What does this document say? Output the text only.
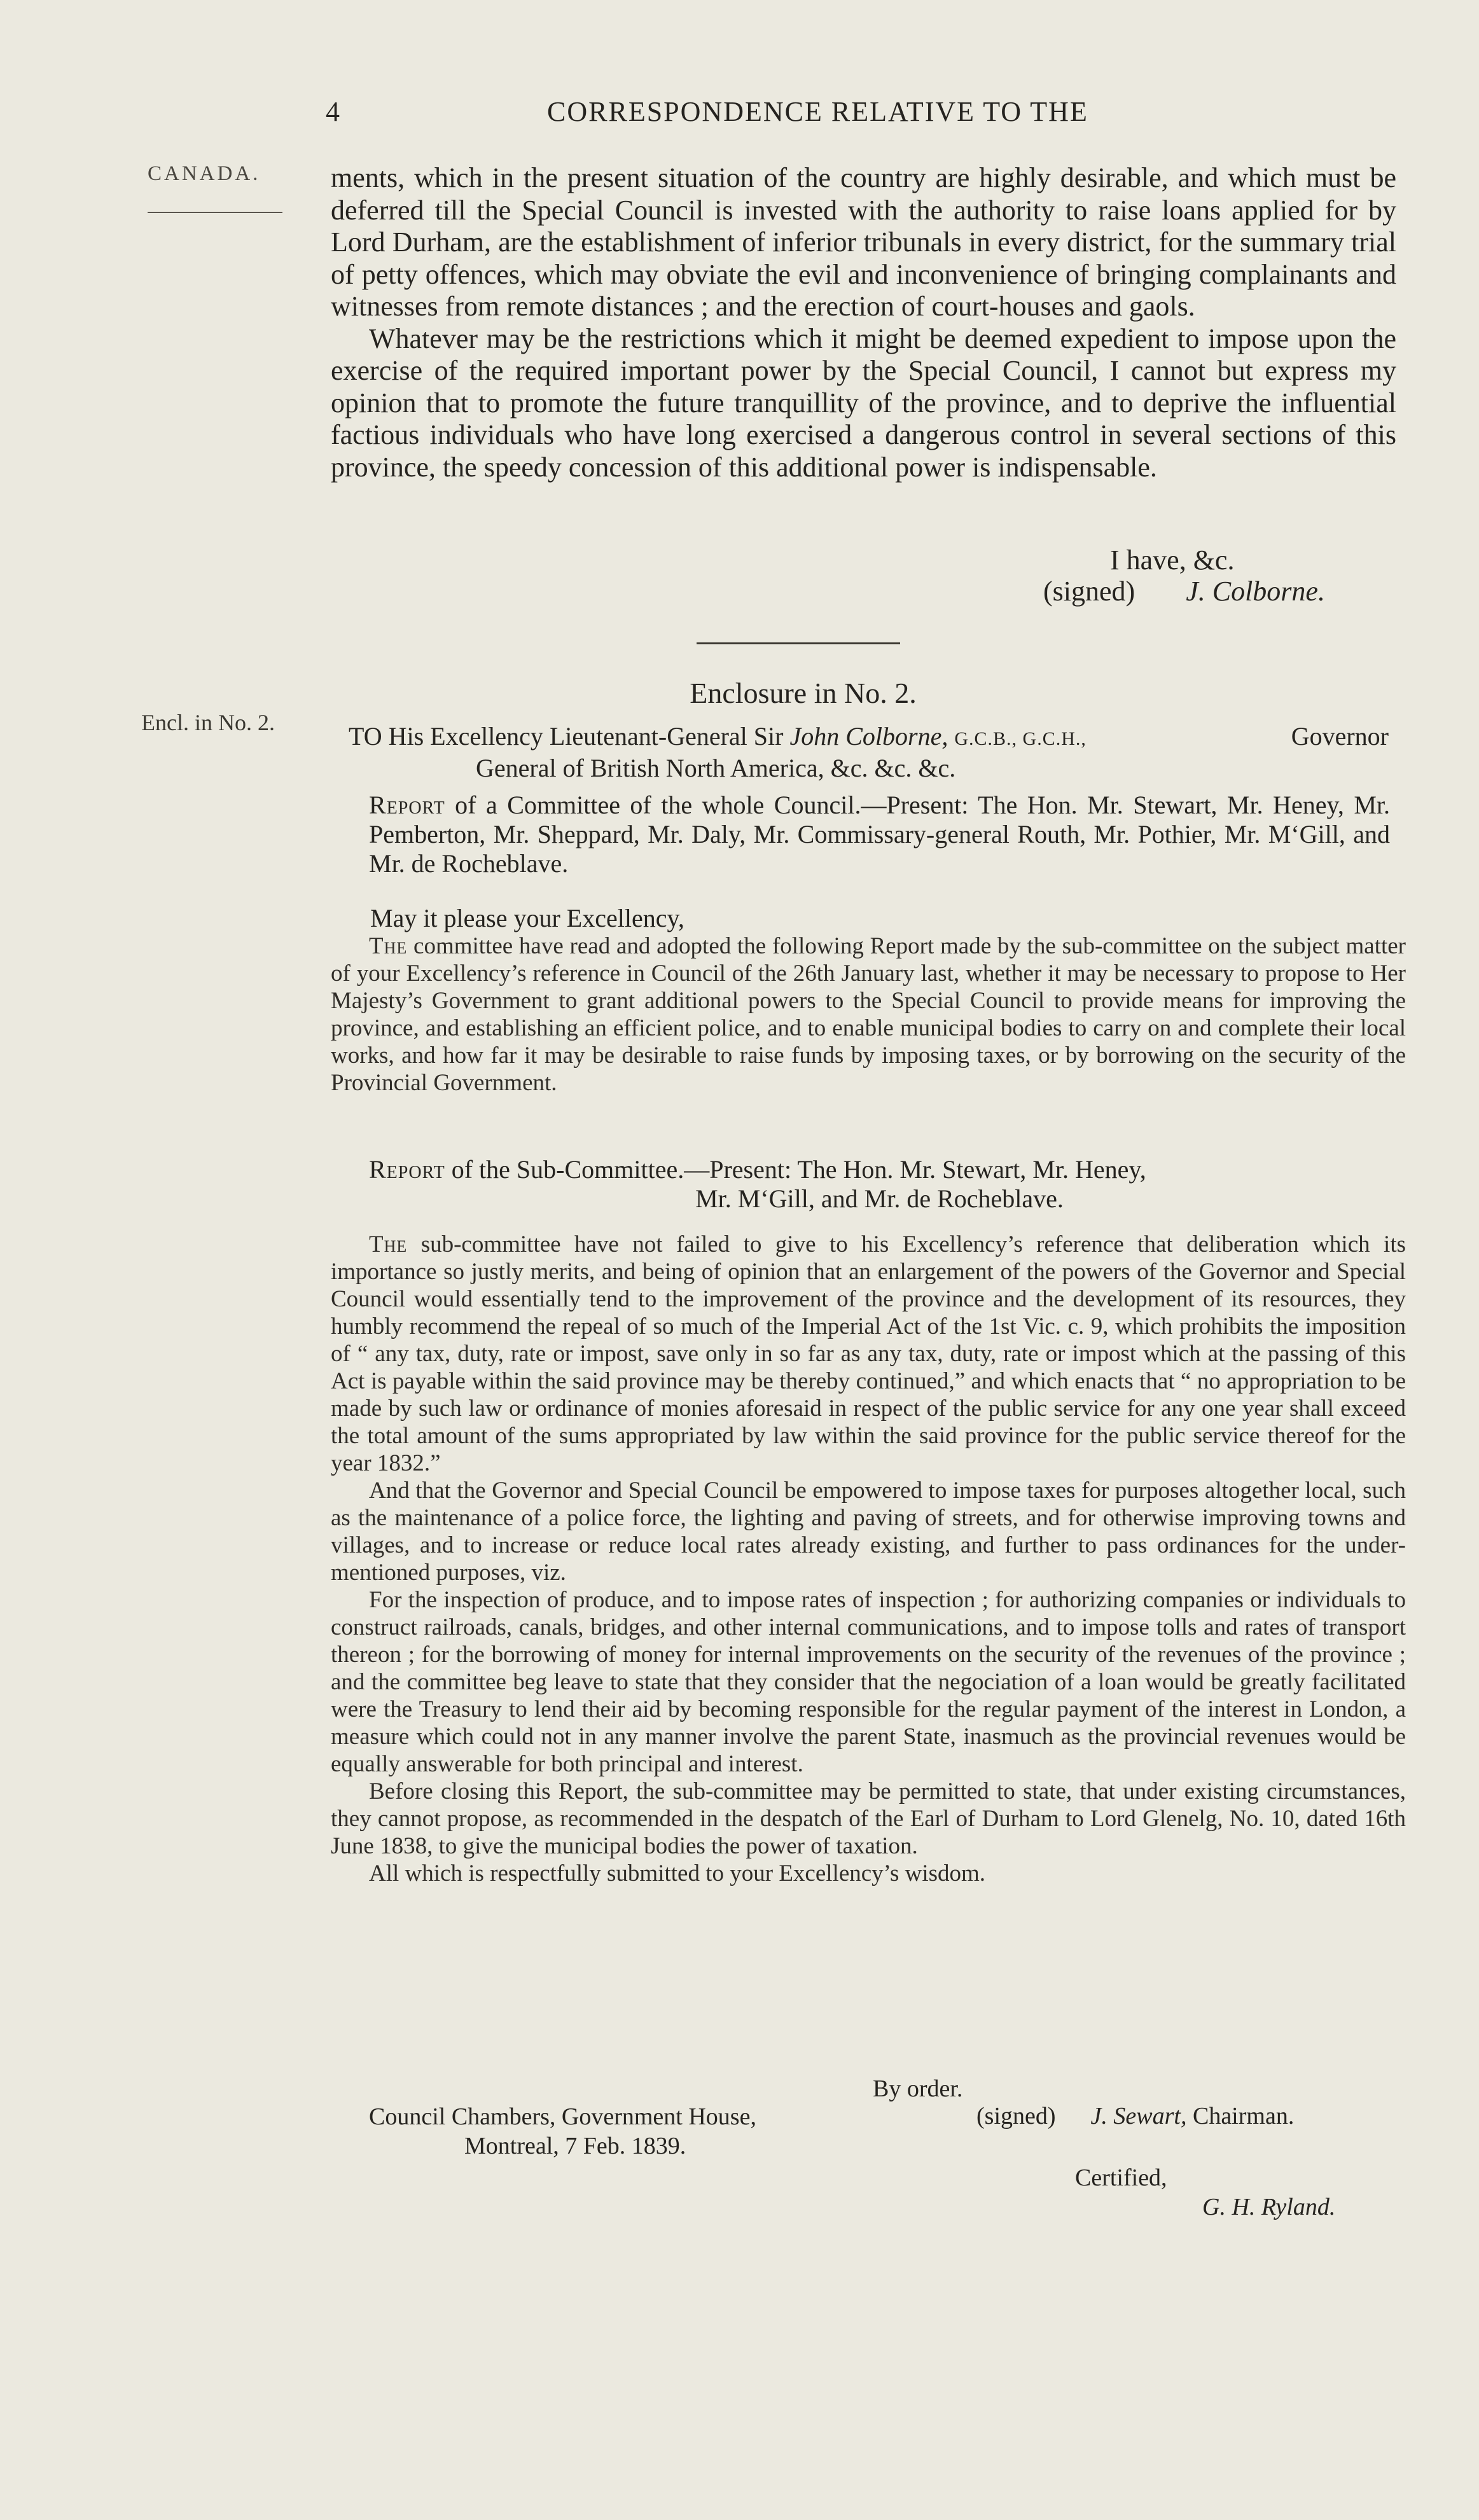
4	CORRESPONDENCE RELATIVE TO THE
CANADA.	ments, which in the present situation of the country are highly desirable, and which must be deferred till the Special Council is invested with the authority to raise loans applied for by Lord Durham, are the establishment of inferior tribunals in every district, for the summary trial of petty offences, which may obviate the evil and inconvenience of bringing complainants and witnesses from remote distances ; and the erection of court-houses and gaols.

Whatever may be the restrictions which it might be deemed expedient to impose upon the exercise of the required important power by the Special Council, I cannot but express my opinion that to promote the future tranquillity of the province, and to deprive the influential factious individuals who have long exercised a dangerous control in several sections of this province, the speedy concession of this additional power is indispensable.

I have, &c.
(signed) J. Colborne.
Enclosure in No. 2.
Encl. in No. 2.	TO His Excellency Lieutenant-General Sir John Colborne, G.C.B., G.C.H.,	Governor
General of British North America, &c. &c. &c.
Report of a Committee of the whole Council.—Present: The Hon. Mr. Stewart, Mr. Heney, Mr. Pemberton, Mr. Sheppard, Mr. Daly, Mr. Commissary-general Routh, Mr. Pothier, Mr. M‘Gill, and Mr. de Rocheblave.
May it please your Excellency,

The committee have read and adopted the following Report made by the sub-committee on the subject matter of your Excellency’s reference in Council of the 26th January last, whether it may be necessary to propose to Her Majesty’s Government to grant additional powers to the Special Council to provide means for improving the province, and establishing an efficient police, and to enable municipal bodies to carry on and complete their local works, and how far it may be desirable to raise funds by imposing taxes, or by borrowing on the security of the Provincial Government.

Report of the Sub-Committee.—Present: The Hon. Mr. Stewart, Mr. Heney,
Mr. M‘Gill, and Mr. de Rocheblave.

The sub-committee have not failed to give to his Excellency’s reference that deliberation which its importance so justly merits, and being of opinion that an enlargement of the powers of the Governor and Special Council would essentially tend to the improvement of the province and the development of its resources, they humbly recommend the repeal of so much of the Imperial Act of the 1st Vic. c. 9, which prohibits the imposition of “ any tax, duty, rate or impost, save only in so far as any tax, duty, rate or impost which at the passing of this Act is payable within the said province may be thereby continued,” and which enacts that “ no appropriation to be made by such law or ordinance of monies aforesaid in respect of the public service for any one year shall exceed the total amount of the sums appropriated by law within the said province for the public service thereof for the year 1832.”

And that the Governor and Special Council be empowered to impose taxes for purposes altogether local, such as the maintenance of a police force, the lighting and paving of streets, and for otherwise improving towns and villages, and to increase or reduce local rates already existing, and further to pass ordinances for the under-mentioned purposes, viz.

For the inspection of produce, and to impose rates of inspection ; for authorizing companies or individuals to construct railroads, canals, bridges, and other internal communications, and to impose tolls and rates of transport thereon ; for the borrowing of money for internal improvements on the security of the revenues of the province ; and the committee beg leave to state that they consider that the negociation of a loan would be greatly facilitated were the Treasury to lend their aid by becoming responsible for the regular payment of the interest in London, a measure which could not in any manner involve the parent State, inasmuch as the provincial revenues would be equally answerable for both principal and interest.

Before closing this Report, the sub-committee may be permitted to state, that under existing circumstances, they cannot propose, as recommended in the despatch of the Earl of Durham to Lord Glenelg, No. 10, dated 16th June 1838, to give the municipal bodies the power of taxation.

All which is respectfully submitted to your Excellency’s wisdom.

By order.
Council Chambers, Government House,
Montreal, 7 Feb. 1839.
(signed) J. Sewart, Chairman.
Certified,
G. H. Ryland.
